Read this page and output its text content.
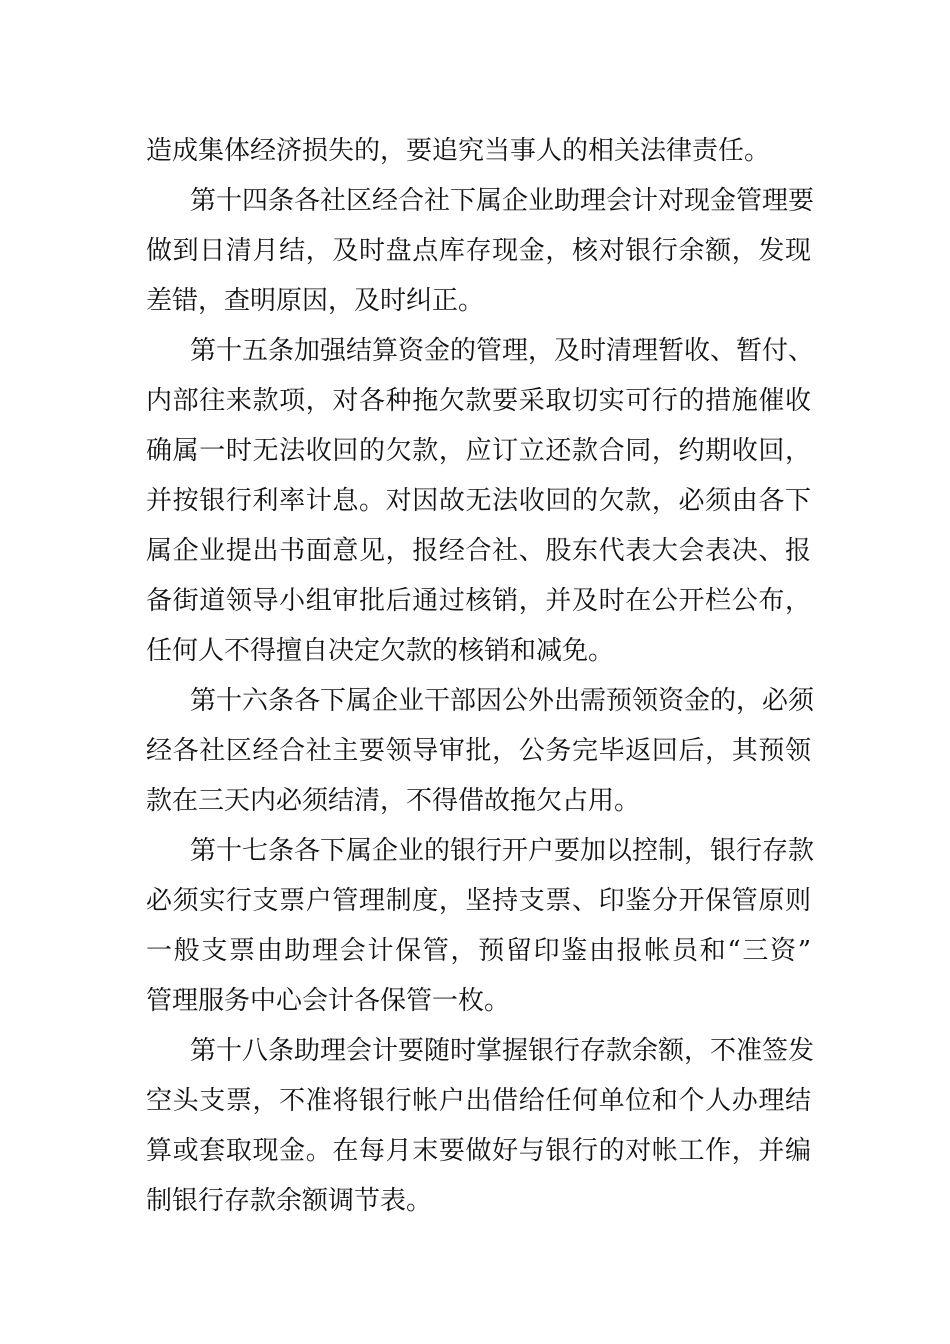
造成集体经济损失的，要追究当事人的相关法律责任。
第十四条各社区经合社下属企业助理会计对现金管理要
做到日清月结，及时盘点库存现金，核对银行余额，发现
差错，查明原因，及时纠正。
第十五条加强结算资金的管理，及时清理暂收、暂付、
内部往来款项，对各种拖欠款要采取切实可行的措施催收
确属一时无法收回的欠款，应订立还款合同，约期收回，
并按银行利率计息。对因故无法收回的欠款，必须由各下
属企业提出书面意见，报经合社、股东代表大会表决、报
备街道领导小组审批后通过核销，并及时在公开栏公布，
任何人不得擅自决定欠款的核销和减免。
第十六条各下属企业干部因公外出需预领资金的，必须
经各社区经合社主要领导审批，公务完毕返回后，其预领
款在三天内必须结清，不得借故拖欠占用。
第十七条各下属企业的银行开户要加以控制，银行存款
必须实行支票户管理制度，坚持支票、印鉴分开保管原则
一般支票由助理会计保管，预留印鉴由报帐员和“三资”
管理服务中心会计各保管一枚。
第十八条助理会计要随时掌握银行存款余额，不准签发
空头支票，不准将银行帐户出借给任何单位和个人办理结
算或套取现金。在每月末要做好与银行的对帐工作，并编
制银行存款余额调节表。
